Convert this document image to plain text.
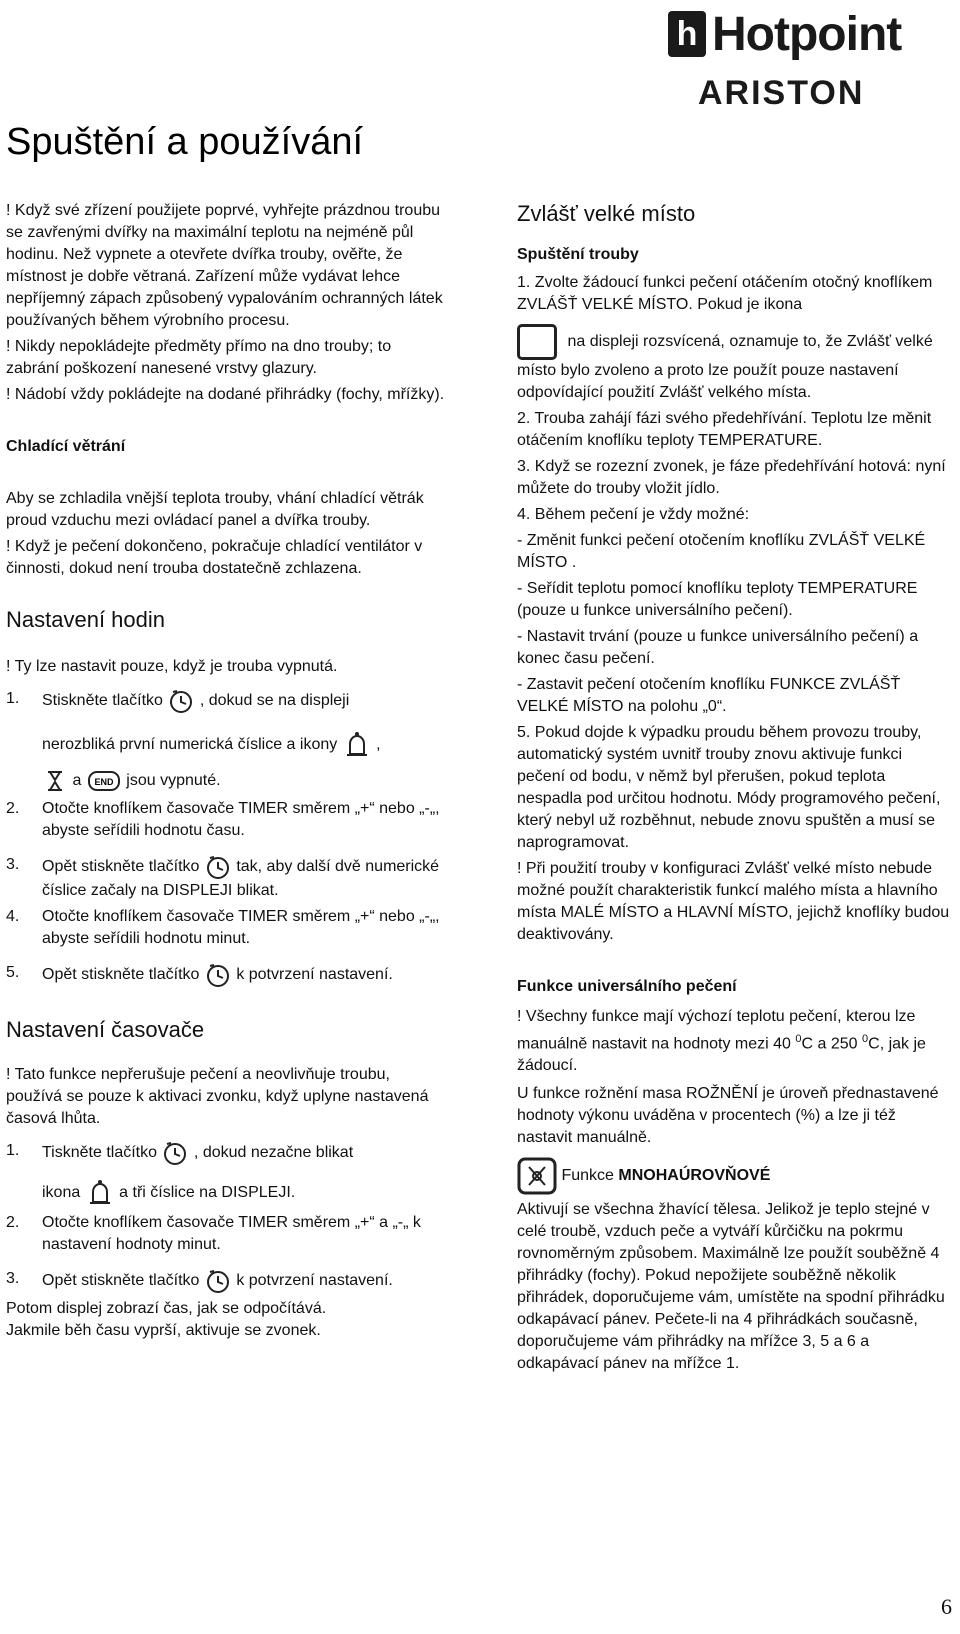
h Hotpoint
ARISTON
Spuštění a používání

! Když své zřízení použijete poprvé, vyhřejte prázdnou troubu se zavřenými dvířky na maximální teplotu na nejméně půl hodinu. Než vypnete a otevřete dvířka trouby, ověřte, že místnost je dobře větraná. Zařízení může vydávat lehce nepříjemný zápach způsobený vypalováním ochranných látek používaných během výrobního procesu.

! Nikdy nepokládejte předměty přímo na dno trouby; to zabrání poškození nanesené vrstvy glazury.

! Nádobí vždy pokládejte na dodané přihrádky (fochy, mřížky).

Chladící větrání

Aby se zchladila vnější teplota trouby, vhání chladící větrák proud vzduchu mezi ovládací panel a dvířka trouby.

! Když je pečení dokončeno, pokračuje chladící ventilátor v činnosti, dokud není trouba dostatečně zchlazena.

Nastavení hodin

! Ty lze nastavit pouze, když je trouba vypnutá.

1.	Stiskněte tlačítko , dokud se na displeji
nerozbliká první numerická číslice a ikony ,
a END jsou vypnuté.
2.	Otočte knoflíkem časovače TIMER směrem „+“ nebo „-„, abyste seřídili hodnotu času.
3.	Opět stiskněte tlačítko tak, aby další dvě numerické číslice začaly na DISPLEJI blikat.
4.	Otočte knoflíkem časovače TIMER směrem „+“ nebo „-„, abyste seřídili hodnotu minut.
5.	Opět stiskněte tlačítko k potvrzení nastavení.

Nastavení časovače

! Tato funkce nepřerušuje pečení a neovlivňuje troubu, používá se pouze k aktivaci zvonku, když uplyne nastavená časová lhůta.

1.	Tiskněte tlačítko , dokud nezačne blikat
ikona a tři číslice na DISPLEJI.
2.	Otočte knoflíkem časovače TIMER směrem „+“ a „-„ k nastavení hodnoty minut.
3.	Opět stiskněte tlačítko k potvrzení nastavení.

Potom displej zobrazí čas, jak se odpočítává.

Jakmile běh času vyprší, aktivuje se zvonek.

Zvlášť velké místo

Spuštění trouby

1. Zvolte žádoucí funkci pečení otáčením otočný knoflíkem ZVLÁŠŤ VELKÉ MÍSTO. Pokud je ikona

na displeji rozsvícená, oznamuje to, že Zvlášť velké místo bylo zvoleno a proto lze použít pouze nastavení odpovídající použití Zvlášť velkého místa.

2. Trouba zahájí fázi svého předehřívání. Teplotu lze měnit otáčením knoflíku teploty TEMPERATURE.

3. Když se rozezní zvonek, je fáze předehřívání hotová: nyní můžete do trouby vložit jídlo.

4. Během pečení je vždy možné:

- Změnit funkci pečení otočením knoflíku ZVLÁŠŤ VELKÉ MÍSTO .

- Seřídit teplotu pomocí knoflíku teploty TEMPERATURE (pouze u funkce universálního pečení).

- Nastavit trvání (pouze u funkce universálního pečení) a konec času pečení.

- Zastavit pečení otočením knoflíku FUNKCE ZVLÁŠŤ VELKÉ MÍSTO na polohu „0“.

5. Pokud dojde k výpadku proudu během provozu trouby, automatický systém uvnitř trouby znovu aktivuje funkci pečení od bodu, v němž byl přerušen, pokud teplota nespadla pod určitou hodnotu. Módy programového pečení, který nebyl už rozběhnut, nebude znovu spuštěn a musí se naprogramovat.

! Při použití trouby v konfiguraci Zvlášť velké místo nebude možné použít charakteristik funkcí malého místa a hlavního místa MALÉ MÍSTO a HLAVNÍ MÍSTO, jejichž knoflíky budou deaktivovány.

Funkce universálního pečení

! Všechny funkce mají výchozí teplotu pečení, kterou lze manuálně nastavit na hodnoty mezi 40 $^0$C a 250 $^0$C, jak je žádoucí.

U funkce rožnění masa ROŽNĚNÍ je úroveň přednastavené hodnoty výkonu uváděna v procentech (%) a lze ji též nastavit manuálně.

Funkce MNOHAÚROVŇOVÉ

Aktivují se všechna žhavící tělesa. Jelikož je teplo stejné v celé troubě, vzduch peče a vytváří kůrčičku na pokrmu rovnoměrným způsobem. Maximálně lze použít souběžně 4 přihrádky (fochy). Pokud nepožijete souběžně několik přihrádek, doporučujeme vám, umístěte na spodní přihrádku odkapávací pánev. Pečete-li na 4 přihrádkách současně, doporučujeme vám přihrádky na mřížce 3, 5 a 6 a odkapávací pánev na mřížce 1.

6
